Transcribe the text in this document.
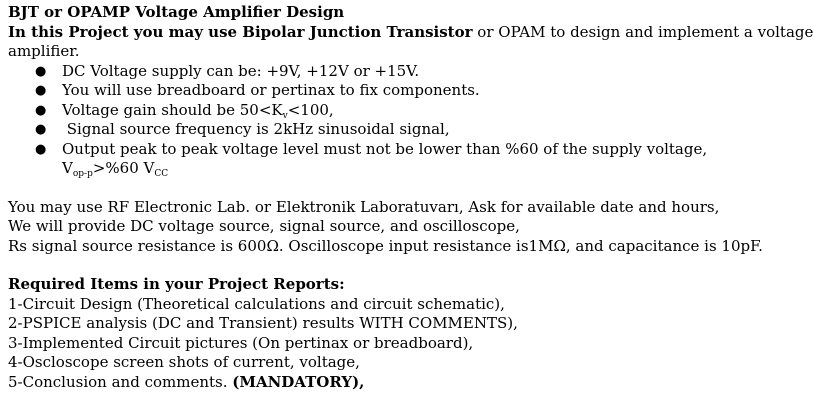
BJT or OPAMP Voltage Amplifier Design
In this Project you may use Bipolar Junction Transistor or OPAM to design and implement a voltage
amplifier.
● DC Voltage supply can be: +9V, +12V or +15V.
● You will use breadboard or pertinax to fix components.
● Voltage gain should be $50<K_v<100$,
● Signal source frequency is 2kHz sinusoidal signal,
● Output peak to peak voltage level must not be lower than %60 of the supply voltage,
$V_{op-p}>\%60$ $V_{CC}$
You may use RF Electronic Lab. or Elektronik Laboratuvarı, Ask for available date and hours,
We will provide DC voltage source, signal source, and oscilloscope,
Rs signal source resistance is 600Ω. Oscilloscope input resistance is1MΩ, and capacitance is 10pF.
Required Items in your Project Reports:
1-Circuit Design (Theoretical calculations and circuit schematic),
2-PSPICE analysis (DC and Transient) results WITH COMMENTS),
3-Implemented Circuit pictures (On pertinax or breadboard),
4-Oscloscope screen shots of current, voltage,
5-Conclusion and comments. (MANDATORY),
